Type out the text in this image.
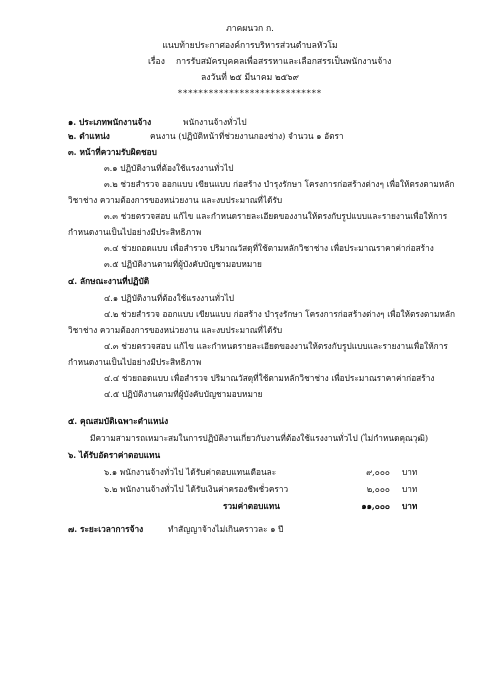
ภาคผนวก ก.
แนบท้ายประกาศองค์การบริหารส่วนตำบลหัวโม
เรื่อง การรับสมัครบุคคลเพื่อสรรหาและเลือกสรรเป็นพนักงานจ้าง
ลงวันที่ ๒๕ มีนาคม ๒๕๖๙
****************************
๑. ประเภทพนักงานจ้าง	พนักงานจ้างทั่วไป
๒. ตำแหน่ง	คนงาน (ปฏิบัติหน้าที่ช่วยงานกองช่าง) จำนวน ๑ อัตรา
๓. หน้าที่ความรับผิดชอบ
๓.๑ ปฏิบัติงานที่ต้องใช้แรงงานทั่วไป
๓.๒ ช่วยสำรวจ ออกแบบ เขียนแบบ ก่อสร้าง บำรุงรักษา โครงการก่อสร้างต่างๆ เพื่อให้ตรงตามหลัก
วิชาช่าง ความต้องการของหน่วยงาน และงบประมาณที่ได้รับ
๓.๓ ช่วยตรวจสอบ แก้ไข และกำหนดรายละเอียดของงานให้ตรงกับรูปแบบและรายงานเพื่อให้การ
กำหนดงานเป็นไปอย่างมีประสิทธิภาพ
๓.๔ ช่วยถอดแบบ เพื่อสำรวจ ปริมาณวัสดุที่ใช้ตามหลักวิชาช่าง เพื่อประมาณราคาค่าก่อสร้าง
๓.๕ ปฏิบัติงานตามที่ผู้บังคับบัญชามอบหมาย
๔. ลักษณะงานที่ปฏิบัติ
๔.๑ ปฏิบัติงานที่ต้องใช้แรงงานทั่วไป
๔.๒ ช่วยสำรวจ ออกแบบ เขียนแบบ ก่อสร้าง บำรุงรักษา โครงการก่อสร้างต่างๆ เพื่อให้ตรงตามหลัก
วิชาช่าง ความต้องการของหน่วยงาน และงบประมาณที่ได้รับ
๔.๓ ช่วยตรวจสอบ แก้ไข และกำหนดรายละเอียดของงานให้ตรงกับรูปแบบและรายงานเพื่อให้การ
กำหนดงานเป็นไปอย่างมีประสิทธิภาพ
๔.๔ ช่วยถอดแบบ เพื่อสำรวจ ปริมาณวัสดุที่ใช้ตามหลักวิชาช่าง เพื่อประมาณราคาค่าก่อสร้าง
๔.๕ ปฏิบัติงานตามที่ผู้บังคับบัญชามอบหมาย
๕. คุณสมบัติเฉพาะตำแหน่ง
มีความสามารถเหมาะสมในการปฏิบัติงานเกี่ยวกับงานที่ต้องใช้แรงงานทั่วไป (ไม่กำหนดคุณวุฒิ)
๖. ได้รับอัตราค่าตอบแทน
๖.๑ พนักงานจ้างทั่วไป ได้รับค่าตอบแทนเดือนละ	๙,๐๐๐ บาท
๖.๒ พนักงานจ้างทั่วไป ได้รับเงินค่าครองชีพชั่วคราว	๒,๐๐๐ บาท
รวมค่าตอบแทน	๑๑,๐๐๐ บาท
๗. ระยะเวลาการจ้าง	ทำสัญญาจ้างไม่เกินคราวละ ๑ ปี
